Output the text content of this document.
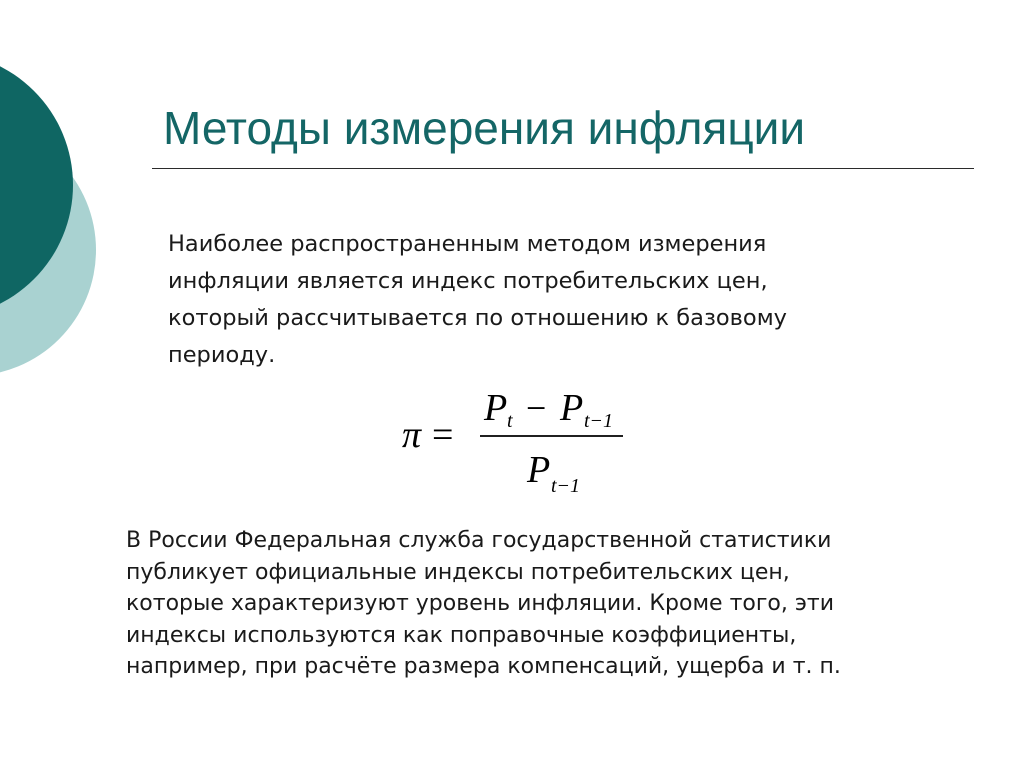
Методы измерения инфляции

Наиболее распространенным методом измерения
инфляции является индекс потребительских цен,
который рассчитывается по отношению к базовому
периоду.

π =
P t − P t−1
P t−1

В России Федеральная служба государственной статистики
публикует официальные индексы потребительских цен,
которые характеризуют уровень инфляции. Кроме того, эти
индексы используются как поправочные коэффициенты,
например, при расчёте размера компенсаций, ущерба и т. п.
